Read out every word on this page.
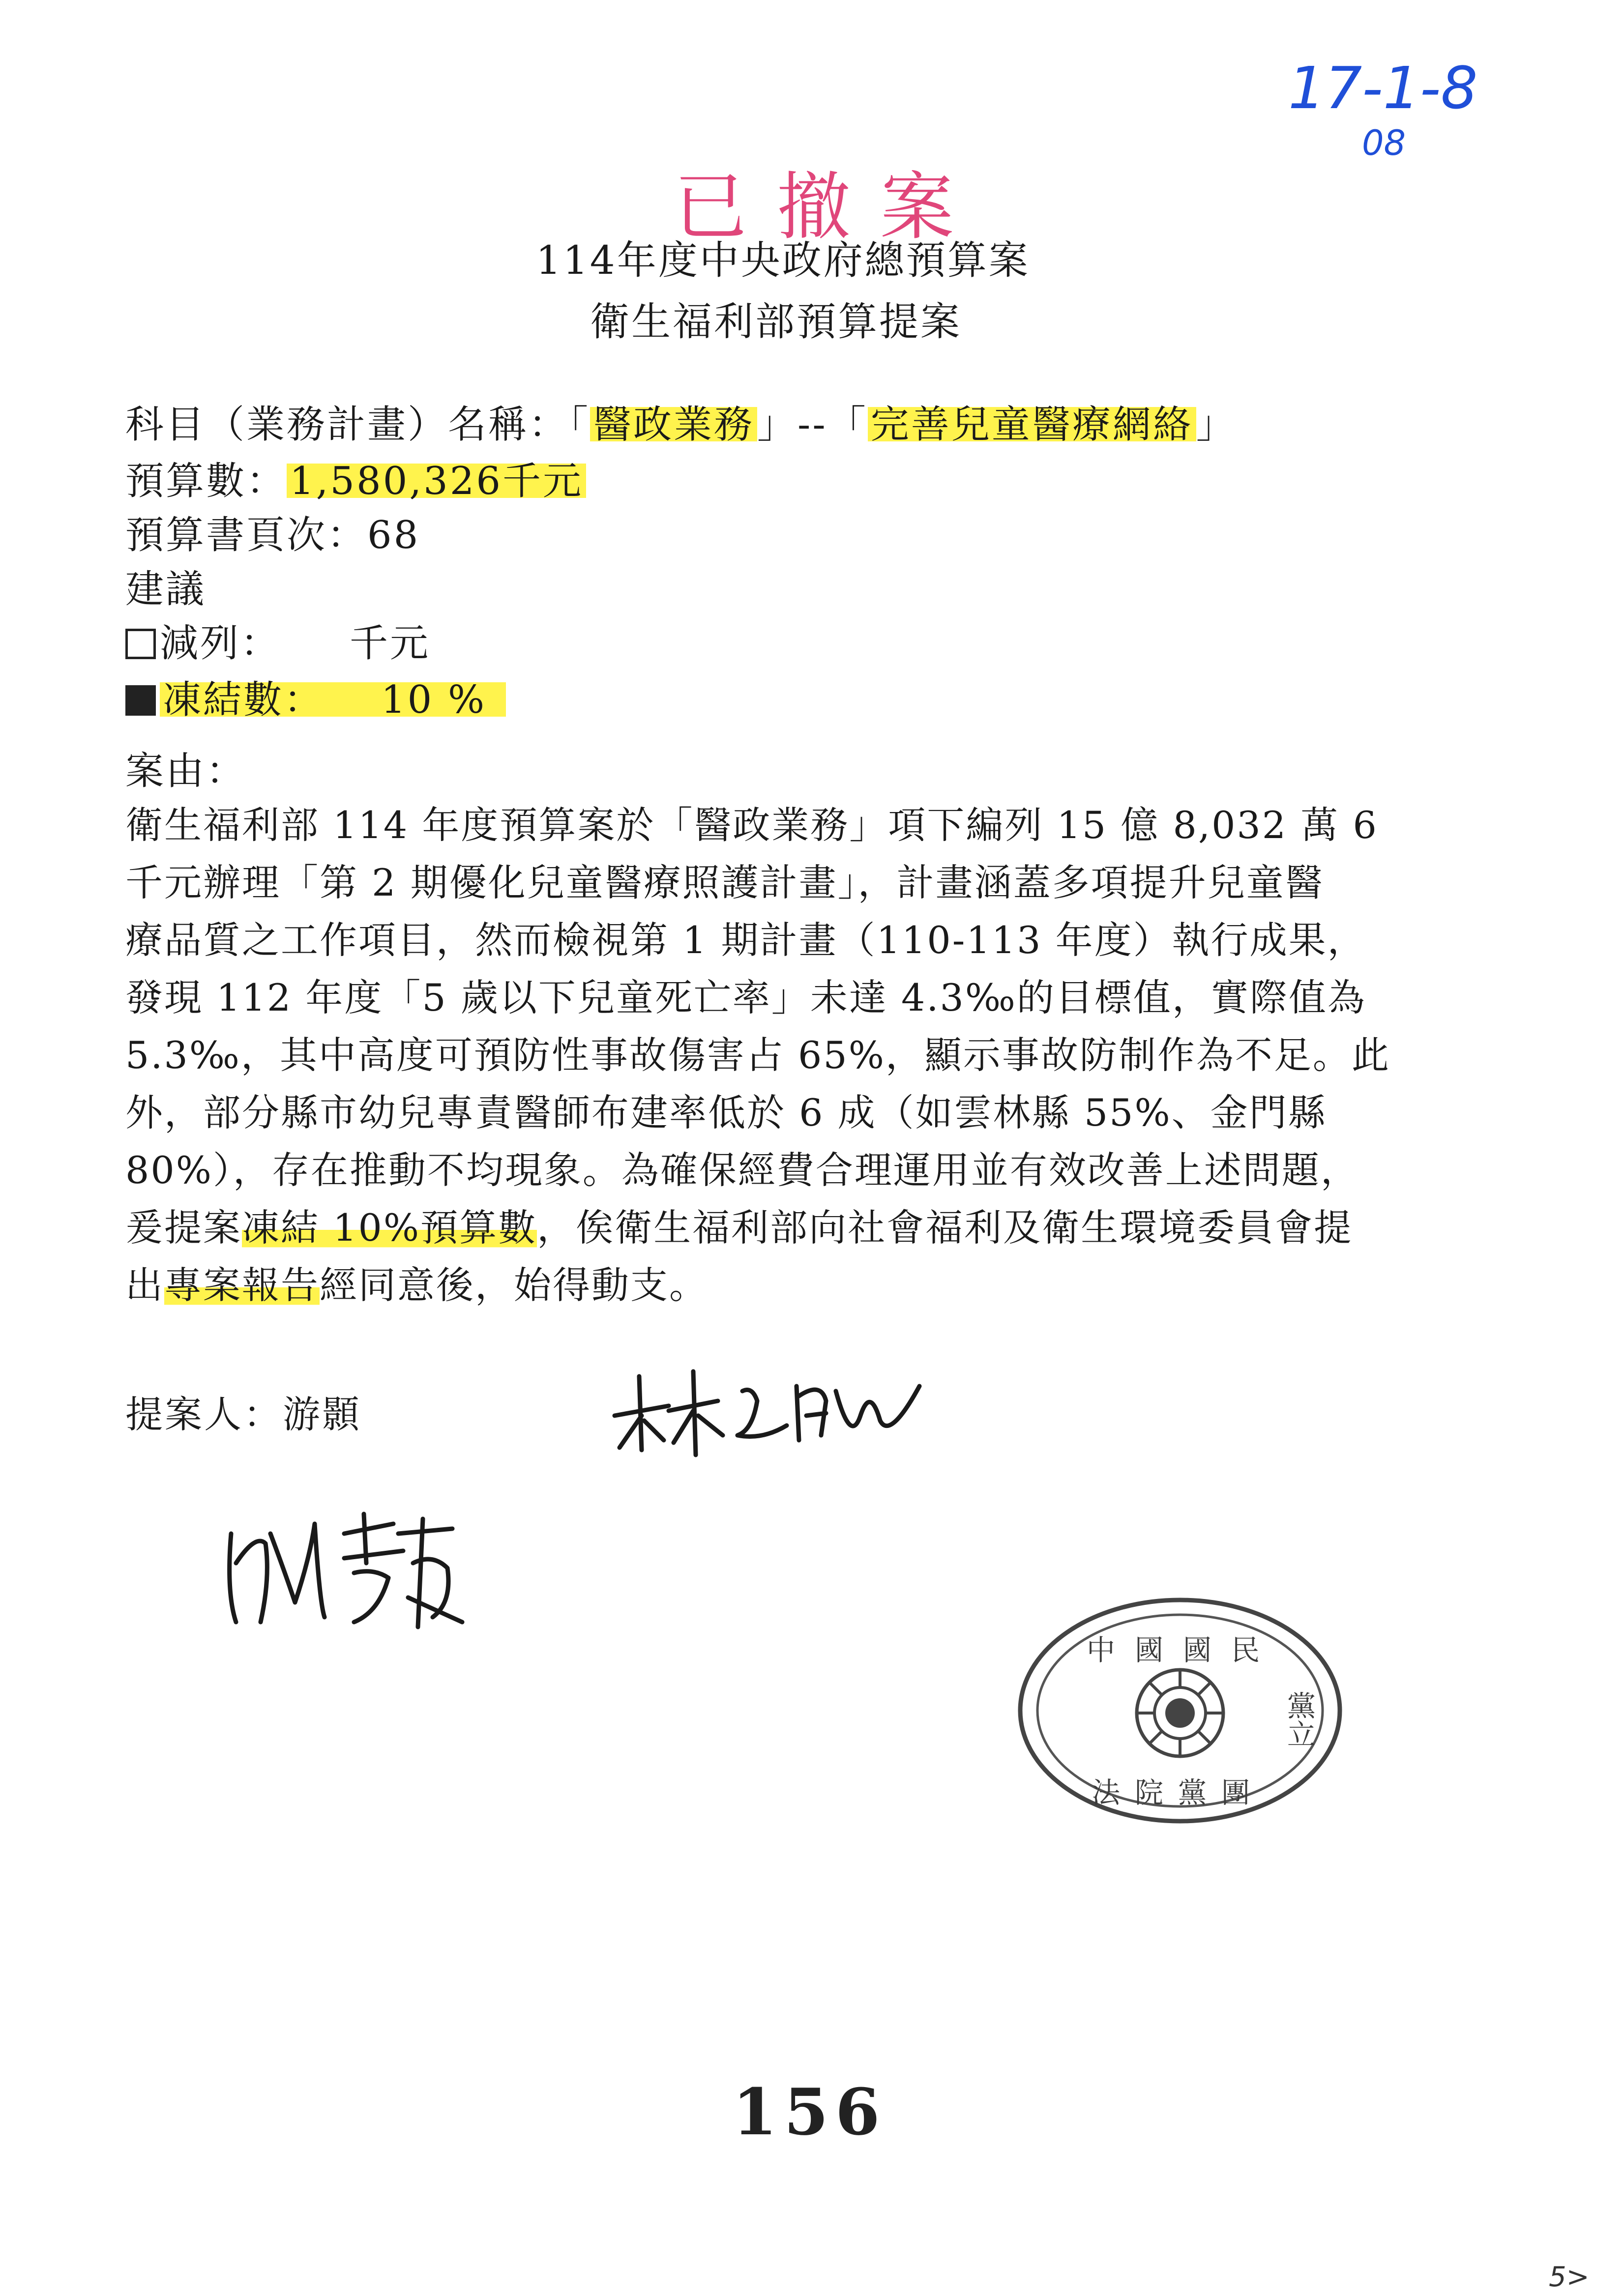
17-1-8
08
已撤案
114年度中央政府總預算案
衛生福利部預算提案
科目（業務計畫）名稱：「醫政業務」--「完善兒童醫療網絡」
預算數：1,580,326千元
預算書頁次：68
建議
減列： 千元
凍結數： 10 %
案由：
衛生福利部 114 年度預算案於「醫政業務」項下編列 15 億 8,032 萬 6
千元辦理「第 2 期優化兒童醫療照護計畫」，計畫涵蓋多項提升兒童醫
療品質之工作項目，然而檢視第 1 期計畫（110-113 年度）執行成果，
發現 112 年度「5 歲以下兒童死亡率」未達 4.3‰的目標值，實際值為
5.3‰，其中高度可預防性事故傷害占 65%，顯示事故防制作為不足。此
外，部分縣市幼兒專責醫師布建率低於 6 成（如雲林縣 55%、金門縣
80%），存在推動不均現象。為確保經費合理運用並有效改善上述問題，
爰提案凍結 10%預算數，俟衛生福利部向社會福利及衛生環境委員會提
出專案報告經同意後，始得動支。
提案人：游顥
中國國民
黨立
法院黨團
156
5>
